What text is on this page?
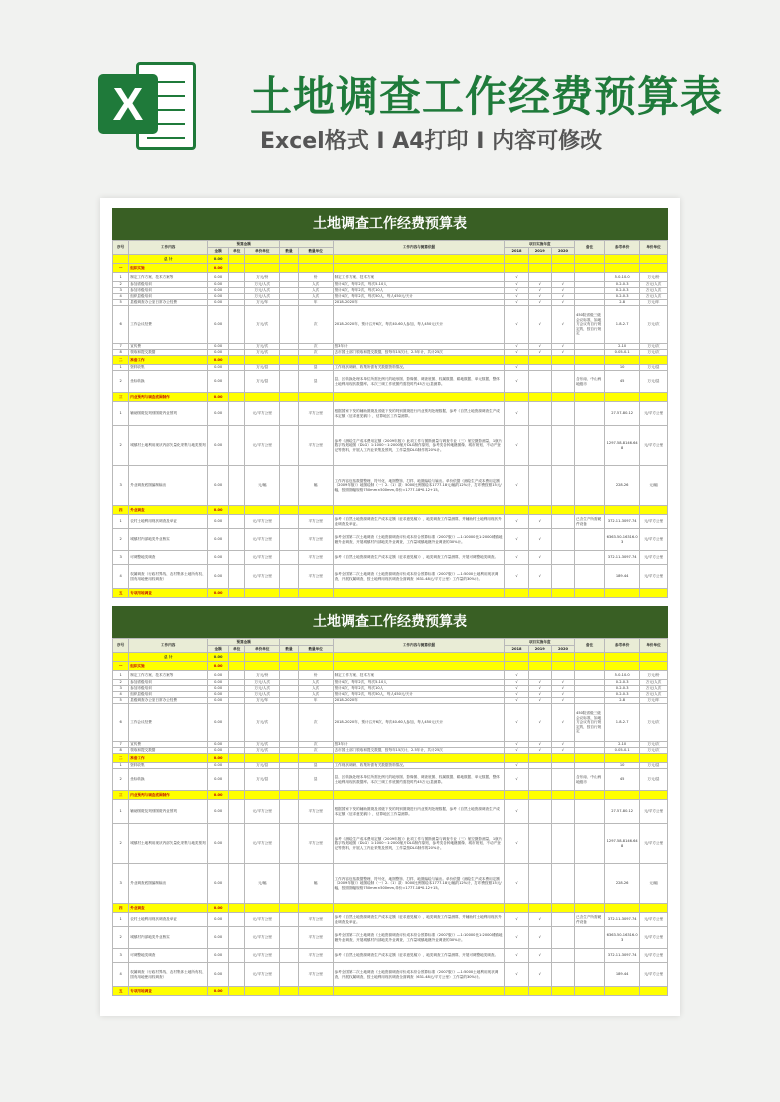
X	土地调查工作经费预算表
Excel格式 I A4打印 I 内容可修改
土地调查工作经费预算表
序号	工作内容	预算金额					工作内容与测算依据	项目实施年度			备注	参考单价	单价单位
		金额	单位	单价单位	数量	数量单位		2018	2019	2020			
	总 计	0.00											
一	组织实施	0.00											
1	制定工作方案、技术方案等	0.00		万元/份		份	制定工作方案、技术方案	√				5.0-10.0	万元/份
2	参加省级培训	0.00		万元/人次		人次	预计4次，每年2次，每次5-10人	√	√	√		0.2-0.3	万元/人次
3	参加市级培训	0.00		万元/人次		人次	预计4次，每年2次，每次10人	√	√	√		0.2-0.3	万元/人次
4	组织县级培训	0.00		万元/人次		人次	预计4次，每年2次，每次50人，每人450元/天计	√	√	√		0.2-0.3	万元/人次
5	县级调查办公室日常办公经费	0.00		万元/年		年	2018-2020年	√	√	√		2-8	万元/年
6	工作会议经费	0.00		万元/次		次	2018-2020年，预计召开6次，每次40-60人参加，每人450元/天计	√	√	√	450院省级三级会议标准，如地方会议有自行规定的，按自行规定	1.8-2.7	万元/次
7	宣传费	0.00		万元/次		次	按3年计	√	√	√		2-10	万元/次
8	领取和提交数据	0.00		万元/次		次	去市国土部门领取和提交数据，按每年15次计，2.5年计，共计25次	√	√	√		0.05-0.1	万元/次
二	准备工作	0.00											
1	资料收集	0.00		万元/县		县	工作现状调研、收集所需有关数据资料情况。	√				10	万元/县
2	坐标转换	0.00		万元/县		县	县、区转换处理本单位所需比例尺的地形图、影像图、调查底图、权属数据、耕地数据、单元数据，整体土地利用现状数据库。本次三调工作底图约需投时约45万元/县测算。	√			含东南、中山两地级市	45	万元/县
三	内业预判与调查底图制作	0.00											
1	辅助图斑及判别图斑内业预判	0.00		元/平方公里		平方公里	根据国家下发的辅助图斑及省级下发的判别图斑进行内业预判处理数据，参考《自然土地资源调查生产成本定额（征求意见稿）》，估算地区工作量测算。	√				27.57-80.12	元/平方公里
2	城镇村土地利用现状内部矢量化采集与地类预判	0.00		元/平方公里		平方公里	参考《测绘生产成本费用定额（2009年版）》此项工作与图斯测量与调查专业（三）航空摄影测量，1航片数字线划地图（DLG）1:1000～1:2000航片DLG制作原则，参考类各种地籍图像、城市规划、不动产登记等资料，开展人工内业采集及预判，工作量按DLG制作的20%计。	√				1297.58-8146.648	元/平方公里
3	外业调查底图编制输出	0.00		元/幅		幅	工作内容包括数据整理、符号化、地图整饰、打样、地图编绘与输出。单价依据《测绘生产成本费用定额（2009年版）》地图绘制（一）2.（1）款：5000比例图绘本1777.18元/幅的12%计，打印费按照15元/幅，按照图幅规格750mm×500mm,单价=1777.18*0.12+15。	√				228.26	元/幅
四	外业调查	0.00											
1	农村土地利用现状调查及举证	0.00		元/平方公里		平方公里	参考《自然土地资源调查生产成本定额（征求意见稿）》，地类调查工作量测算，并辅助村土地利用现状外业调查及举证。	√	√		已含生产所需硬件设备	372.11-3097.74	元/平方公里
2	城镇村内部地类外业核实	0.00		元/平方公里		平方公里	参考全国第二次土地调查《土地资源调查评价成本综合预算标准（2007版）》—1:10000比1:2000城镇地籍外业调查，开展城镇村内部地类外业调查，工作量城镇地籍外业调查的30%计。	√	√			6363.50-16316.03	元/平方公里
3	可调整地类调查	0.00		元/平方公里		平方公里	参考《自然土地资源调查生产成本定额（征求意见稿）》，地类调查工作量测算，开展可调整地类调查。	√	√			372.11-3097.74	元/平方公里
4	权属调查（行政村界线、农村集体土地所有权、国有用地使用权调查）	0.00		元/平方公里		平方公里	参考全国第二次土地调查《土地资源调查评价成本综合预算标准（2007版）》—1:5000土地利用现状调查，开展权属调查，按土地利用现状调查全面调查（631.48元/平方公里）工作量的30%计。	√	√			189.44	元/平方公里
五	专项用地调查	0.00											
土地调查工作经费预算表
序号	工作内容	预算金额					工作内容与测算依据	项目实施年度			备注	参考单价	单价单位
		金额	单位	单价单位	数量	数量单位		2018	2019	2020			
	总 计	0.00											
一	组织实施	0.00											
1	制定工作方案、技术方案等	0.00		万元/份		份	制定工作方案、技术方案	√				5.0-10.0	万元/份
2	参加省级培训	0.00		万元/人次		人次	预计4次，每年2次，每次5-10人	√	√	√		0.2-0.3	万元/人次
3	参加市级培训	0.00		万元/人次		人次	预计4次，每年2次，每次10人	√	√	√		0.2-0.3	万元/人次
4	组织县级培训	0.00		万元/人次		人次	预计4次，每年2次，每次50人，每人450元/天计	√	√	√		0.2-0.3	万元/人次
5	县级调查办公室日常办公经费	0.00		万元/年		年	2018-2020年	√	√	√		2-8	万元/年
6	工作会议经费	0.00		万元/次		次	2018-2020年，预计召开6次，每次40-60人参加，每人450元/天计	√	√	√	450院省级三级会议标准，如地方会议有自行规定的，按自行规定	1.8-2.7	万元/次
7	宣传费	0.00		万元/次		次	按3年计	√	√	√		2-10	万元/次
8	领取和提交数据	0.00		万元/次		次	去市国土部门领取和提交数据，按每年15次计，2.5年计，共计25次	√	√	√		0.05-0.1	万元/次
二	准备工作	0.00											
1	资料收集	0.00		万元/县		县	工作现状调研、收集所需有关数据资料情况。	√				10	万元/县
2	坐标转换	0.00		万元/县		县	县、区转换处理本单位所需比例尺的地形图、影像图、调查底图、权属数据、耕地数据、单元数据，整体土地利用现状数据库。本次三调工作底图约需投时约45万元/县测算。	√			含东南、中山两地级市	45	万元/县
三	内业预判与调查底图制作	0.00											
1	辅助图斑及判别图斑内业预判	0.00		元/平方公里		平方公里	根据国家下发的辅助图斑及省级下发的判别图斑进行内业预判处理数据，参考《自然土地资源调查生产成本定额（征求意见稿）》，估算地区工作量测算。	√				27.57-80.12	元/平方公里
2	城镇村土地利用现状内部矢量化采集与地类预判	0.00		元/平方公里		平方公里	参考《测绘生产成本费用定额（2009年版）》此项工作与图斯测量与调查专业（三）航空摄影测量，1航片数字线划地图（DLG）1:1000～1:2000航片DLG制作原则，参考类各种地籍图像、城市规划、不动产登记等资料，开展人工内业采集及预判，工作量按DLG制作的20%计。	√				1297.58-8146.648	元/平方公里
3	外业调查底图编制输出	0.00		元/幅		幅	工作内容包括数据整理、符号化、地图整饰、打样、地图编绘与输出。单价依据《测绘生产成本费用定额（2009年版）》地图绘制（一）2.（1）款：5000比例图绘本1777.18元/幅的12%计，打印费按照15元/幅，按照图幅规格750mm×500mm,单价=1777.18*0.12+15。	√				228.26	元/幅
四	外业调查	0.00											
1	农村土地利用现状调查及举证	0.00		元/平方公里		平方公里	参考《自然土地资源调查生产成本定额（征求意见稿）》，地类调查工作量测算，并辅助村土地利用现状外业调查及举证。	√	√		已含生产所需硬件设备	372.11-3097.74	元/平方公里
2	城镇村内部地类外业核实	0.00		元/平方公里		平方公里	参考全国第二次土地调查《土地资源调查评价成本综合预算标准（2007版）》—1:10000比1:2000城镇地籍外业调查，开展城镇村内部地类外业调查，工作量城镇地籍外业调查的30%计。	√	√			6363.50-16316.03	元/平方公里
3	可调整地类调查	0.00		元/平方公里		平方公里	参考《自然土地资源调查生产成本定额（征求意见稿）》，地类调查工作量测算，开展可调整地类调查。	√	√			372.11-3097.74	元/平方公里
4	权属调查（行政村界线、农村集体土地所有权、国有用地使用权调查）	0.00		元/平方公里		平方公里	参考全国第二次土地调查《土地资源调查评价成本综合预算标准（2007版）》—1:5000土地利用现状调查，开展权属调查，按土地利用现状调查全面调查（631.48元/平方公里）工作量的30%计。	√	√			189.44	元/平方公里
五	专项用地调查	0.00											
